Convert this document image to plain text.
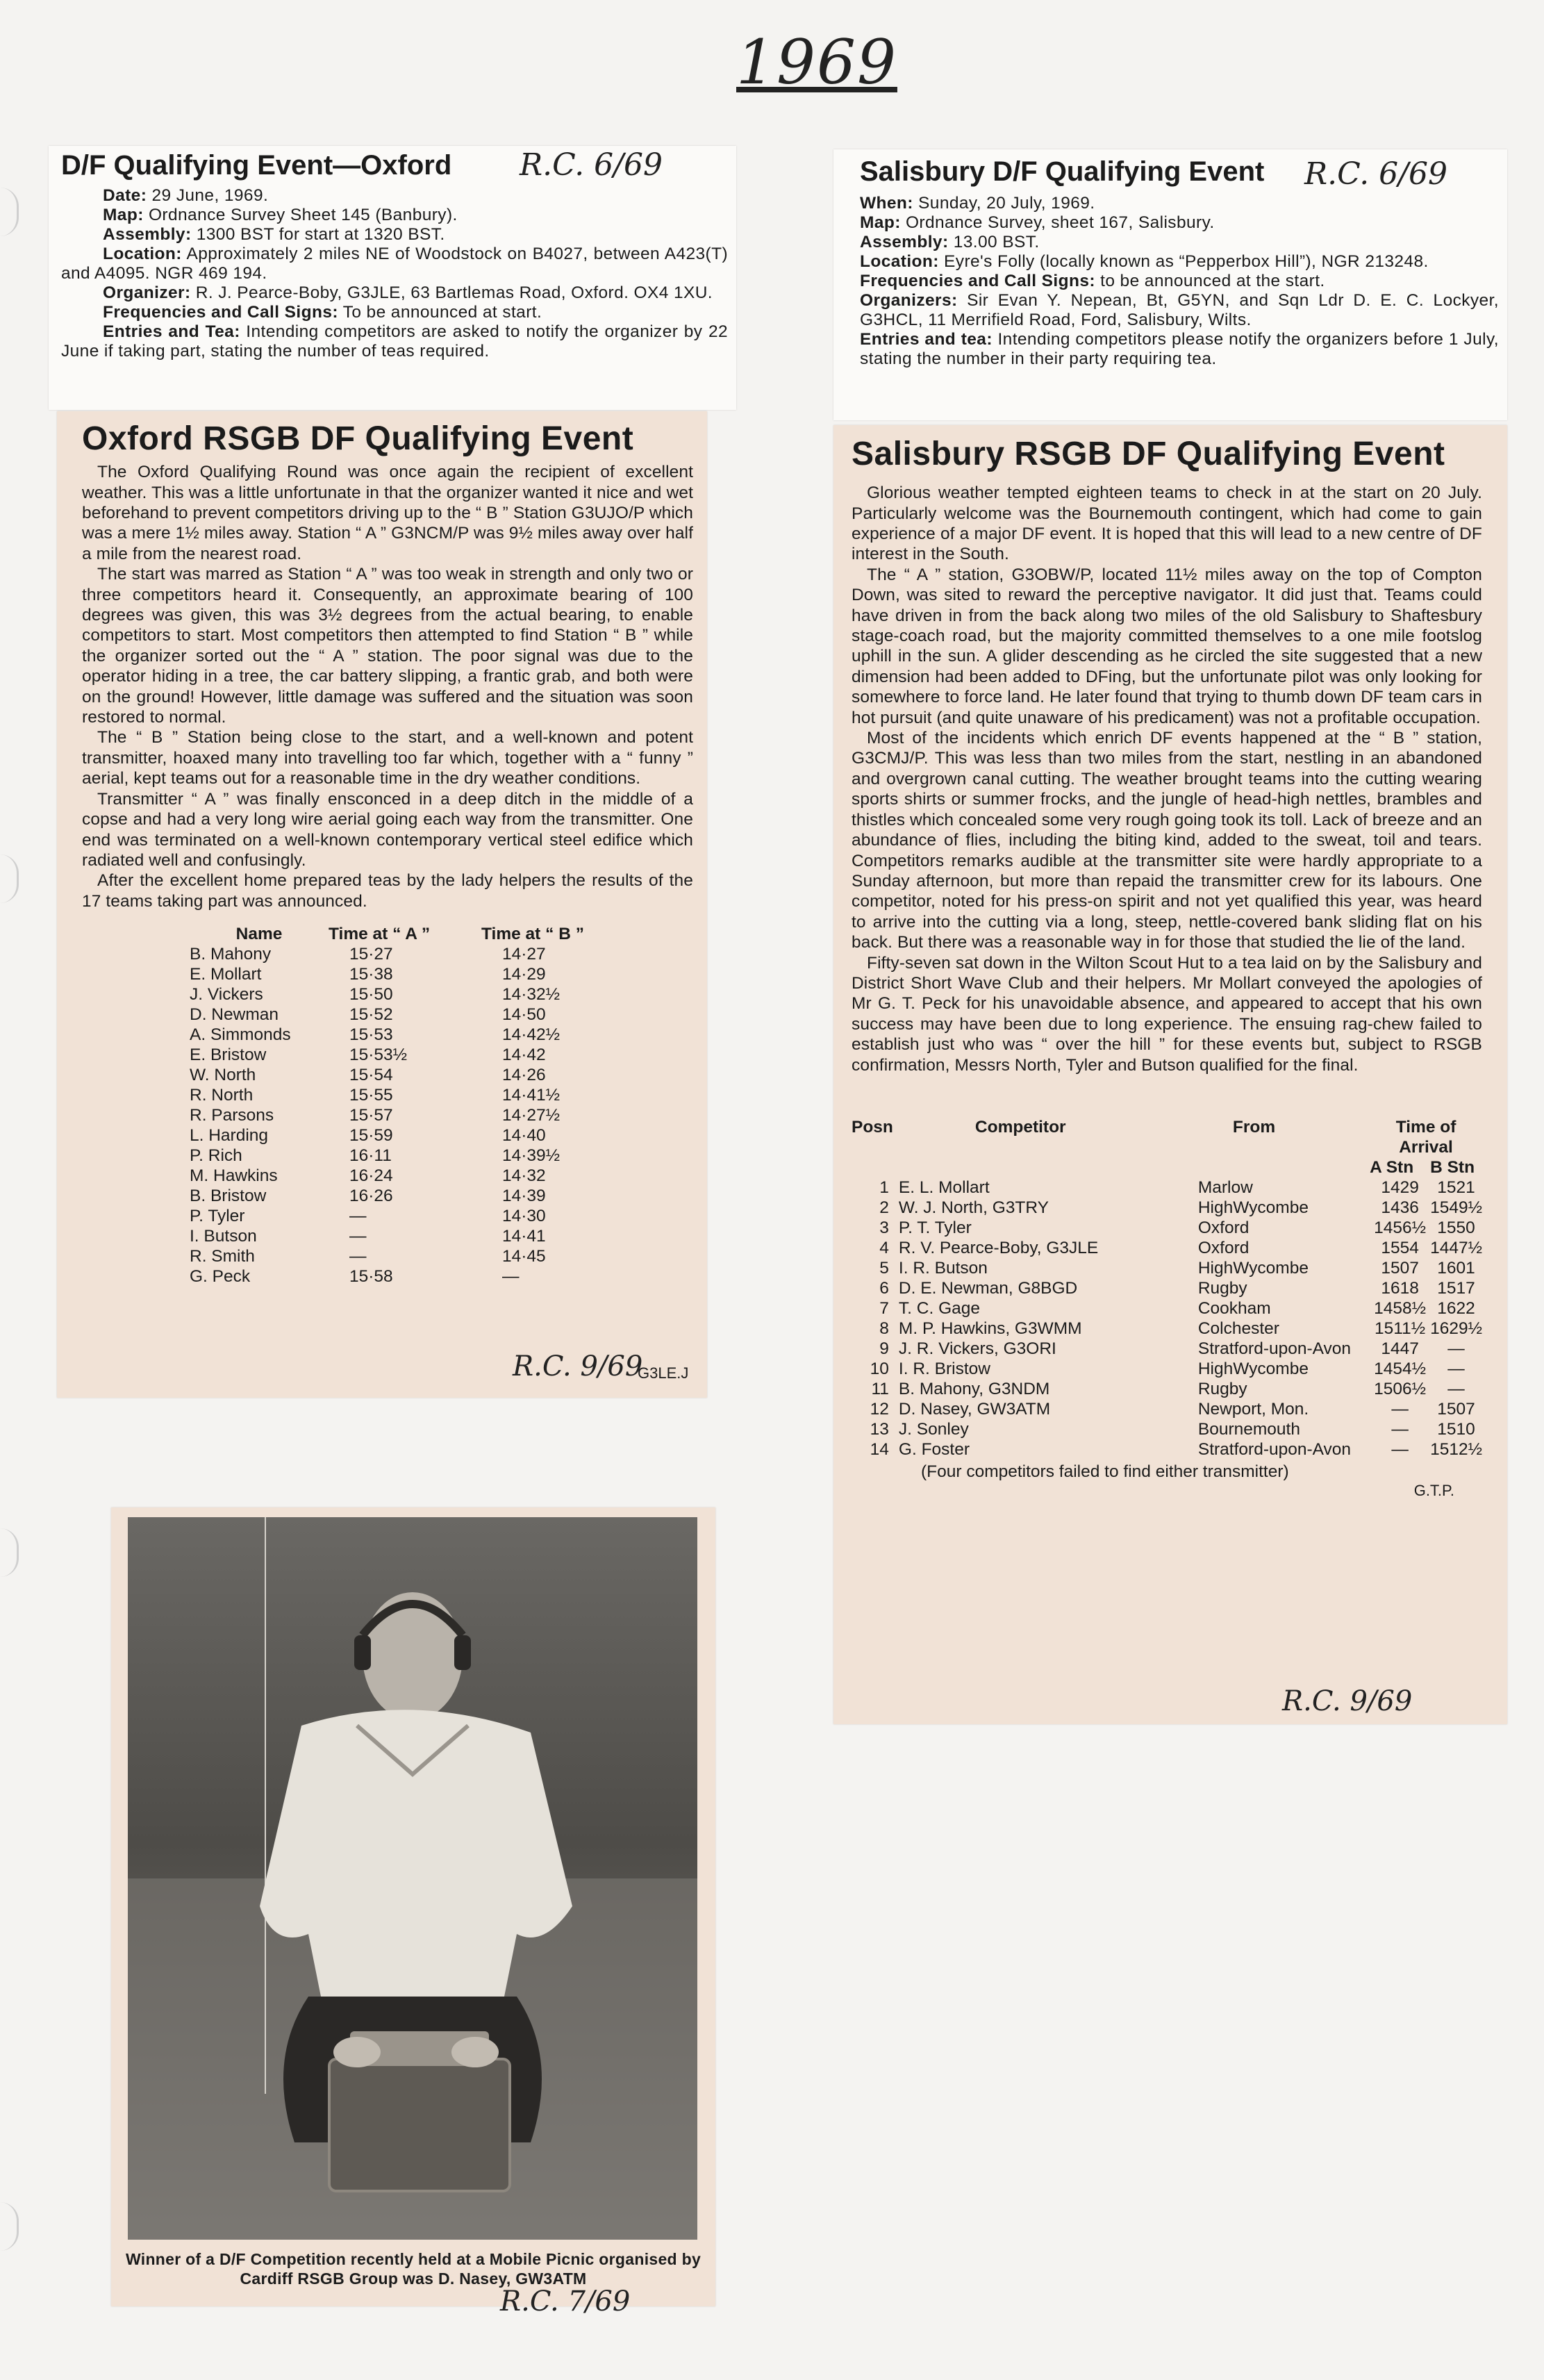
1969
D/F Qualifying Event—Oxford	R.C. 6/69

Date: 29 June, 1969.

Map: Ordnance Survey Sheet 145 (Banbury).

Assembly: 1300 BST for start at 1320 BST.

Location: Approximately 2 miles NE of Woodstock on B4027, between A423(T) and A4095. NGR 469 194.

Organizer: R. J. Pearce-Boby, G3JLE, 63 Bartlemas Road, Oxford. OX4 1XU.

Frequencies and Call Signs: To be announced at start.

Entries and Tea: Intending competitors are asked to notify the organizer by 22 June if taking part, stating the number of teas required.

Oxford RSGB DF Qualifying Event

The Oxford Qualifying Round was once again the recipient of excellent weather. This was a little unfortunate in that the organizer wanted it nice and wet beforehand to prevent competitors driving up to the “ B ” Station G3UJO/P which was a mere 1½ miles away. Station “ A ” G3NCM/P was 9½ miles away over half a mile from the nearest road.

The start was marred as Station “ A ” was too weak in strength and only two or three competitors heard it. Consequently, an approximate bearing of 100 degrees was given, this was 3½ degrees from the actual bearing, to enable competitors to start. Most competitors then attempted to find Station “ B ” while the organizer sorted out the “ A ” station. The poor signal was due to the operator hiding in a tree, the car battery slipping, a frantic grab, and both were on the ground! However, little damage was suffered and the situation was soon restored to normal.

The “ B ” Station being close to the start, and a well-known and potent transmitter, hoaxed many into travelling too far which, together with a “ funny ” aerial, kept teams out for a reasonable time in the dry weather conditions.

Transmitter “ A ” was finally ensconced in a deep ditch in the middle of a copse and had a very long wire aerial going each way from the transmitter. One end was terminated on a well-known contemporary vertical steel edifice which radiated well and confusingly.

After the excellent home prepared teas by the lady helpers the results of the 17 teams taking part was announced.

Name	Time at “ A ”	Time at “ B ”
B. Mahony	15·27	14·27
E. Mollart	15·38	14·29
J. Vickers	15·50	14·32½
D. Newman	15·52	14·50
A. Simmonds	15·53	14·42½
E. Bristow	15·53½	14·42
W. North	15·54	14·26
R. North	15·55	14·41½
R. Parsons	15·57	14·27½
L. Harding	15·59	14·40
P. Rich	16·11	14·39½
M. Hawkins	16·24	14·32
B. Bristow	16·26	14·39
P. Tyler	—	14·30
I. Butson	—	14·41
R. Smith	—	14·45
G. Peck	15·58	—
R.C. 9/69
G3LE.J
Salisbury D/F Qualifying Event	R.C. 6/69

When: Sunday, 20 July, 1969.

Map: Ordnance Survey, sheet 167, Salisbury.

Assembly: 13.00 BST.

Location: Eyre's Folly (locally known as “Pepperbox Hill”), NGR 213248.

Frequencies and Call Signs: to be announced at the start.

Organizers: Sir Evan Y. Nepean, Bt, G5YN, and Sqn Ldr D. E. C. Lockyer, G3HCL, 11 Merrifield Road, Ford, Salisbury, Wilts.

Entries and tea: Intending competitors please notify the organizers before 1 July, stating the number in their party requiring tea.

Salisbury RSGB DF Qualifying Event

Glorious weather tempted eighteen teams to check in at the start on 20 July. Particularly welcome was the Bournemouth contingent, which had come to gain experience of a major DF event. It is hoped that this will lead to a new centre of DF interest in the South.

The “ A ” station, G3OBW/P, located 11½ miles away on the top of Compton Down, was sited to reward the perceptive navigator. It did just that. Teams could have driven in from the back along two miles of the old Salisbury to Shaftesbury stage-coach road, but the majority committed themselves to a one mile footslog uphill in the sun. A glider descending as he circled the site suggested that a new dimension had been added to DFing, but the unfortunate pilot was only looking for somewhere to force land. He later found that trying to thumb down DF team cars in hot pursuit (and quite unaware of his predicament) was not a profitable occupation.

Most of the incidents which enrich DF events happened at the “ B ” station, G3CMJ/P. This was less than two miles from the start, nestling in an abandoned and overgrown canal cutting. The weather brought teams into the cutting wearing sports shirts or summer frocks, and the jungle of head-high nettles, brambles and thistles which concealed some very rough going took its toll. Lack of breeze and an abundance of flies, including the biting kind, added to the sweat, toil and tears. Competitors remarks audible at the transmitter site were hardly appropriate to a Sunday afternoon, but more than repaid the transmitter crew for its labours. One competitor, noted for his press-on spirit and not yet qualified this year, was heard to arrive into the cutting via a long, steep, nettle-covered bank sliding flat on his back. But there was a reasonable way in for those that studied the lie of the land.

Fifty-seven sat down in the Wilton Scout Hut to a tea laid on by the Salisbury and District Short Wave Club and their helpers. Mr Mollart conveyed the apologies of Mr G. T. Peck for his unavoidable absence, and appeared to accept that his own success may have been due to long experience. The ensuing rag-chew failed to establish just who was “ over the hill ” for these events but, subject to RSGB confirmation, Messrs North, Tyler and Butson qualified for the final.

Posn	Competitor	From	Time of Arrival	
			A Stn	B Stn
1	E. L. Mollart	Marlow	1429	1521
2	W. J. North, G3TRY	HighWycombe	1436	1549½
3	P. T. Tyler	Oxford	1456½	1550
4	R. V. Pearce-Boby, G3JLE	Oxford	1554	1447½
5	I. R. Butson	HighWycombe	1507	1601
6	D. E. Newman, G8BGD	Rugby	1618	1517
7	T. C. Gage	Cookham	1458½	1622
8	M. P. Hawkins, G3WMM	Colchester	1511½	1629½
9	J. R. Vickers, G3ORI	Stratford-upon-Avon	1447	—
10	I. R. Bristow	HighWycombe	1454½	—
11	B. Mahony, G3NDM	Rugby	1506½	—
12	D. Nasey, GW3ATM	Newport, Mon.	—	1507
13	J. Sonley	Bournemouth	—	1510
14	G. Foster	Stratford-upon-Avon	—	1512½
(Four competitors failed to find either transmitter)
G.T.P.
R.C. 9/69
Winner of a D/F Competition recently held at a Mobile Picnic organised by Cardiff RSGB Group was D. Nasey, GW3ATM
R.C. 7/69
